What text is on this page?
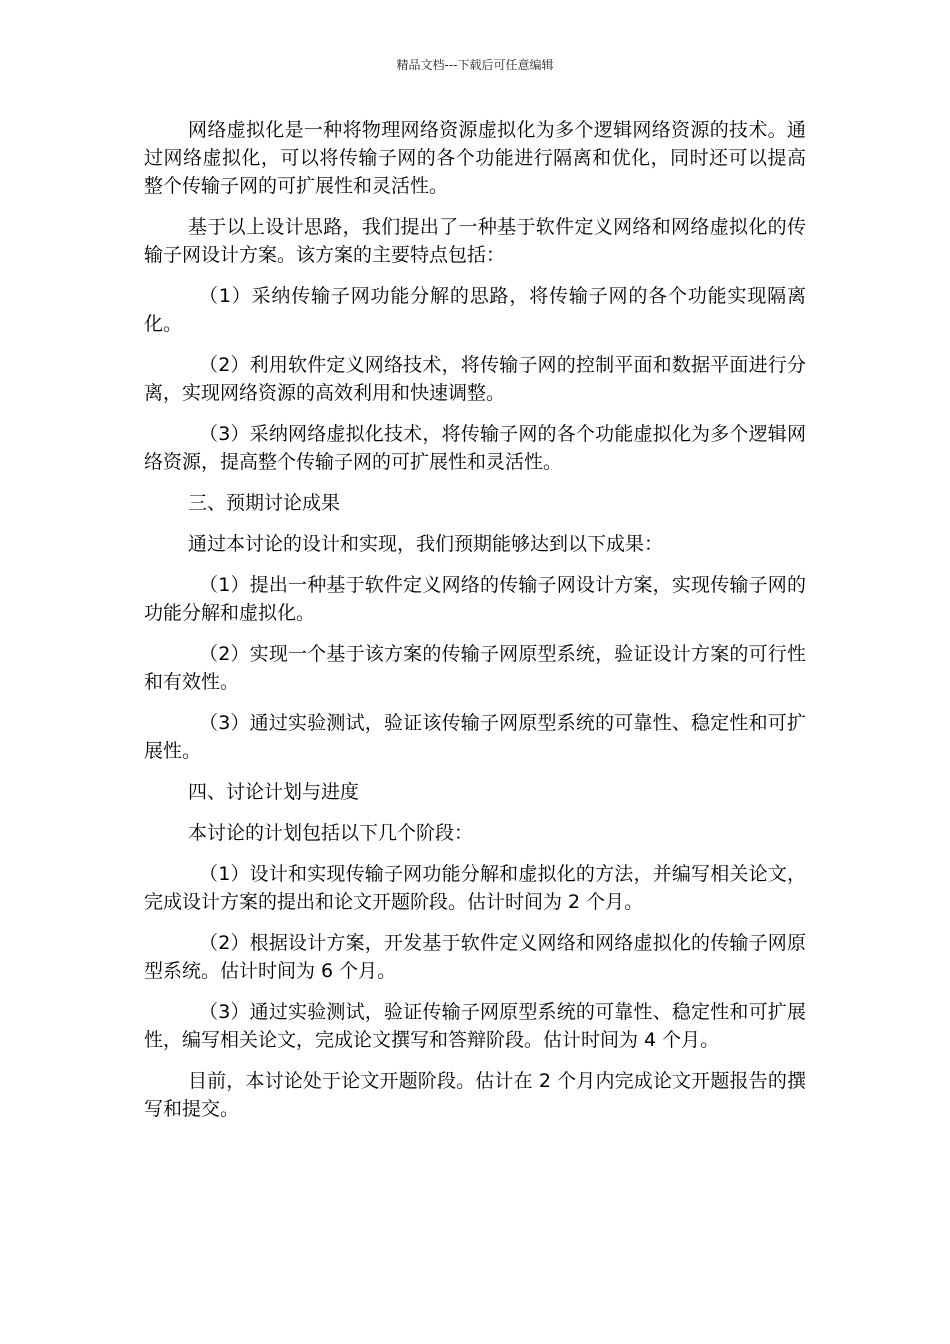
精品文档---下载后可任意编辑

网络虚拟化是一种将物理网络资源虚拟化为多个逻辑网络资源的技术。通过网络虚拟化，可以将传输子网的各个功能进行隔离和优化，同时还可以提高整个传输子网的可扩展性和灵活性。

基于以上设计思路，我们提出了一种基于软件定义网络和网络虚拟化的传输子网设计方案。该方案的主要特点包括：

（1）采纳传输子网功能分解的思路，将传输子网的各个功能实现隔离化。

（2）利用软件定义网络技术，将传输子网的控制平面和数据平面进行分离，实现网络资源的高效利用和快速调整。

（3）采纳网络虚拟化技术，将传输子网的各个功能虚拟化为多个逻辑网络资源，提高整个传输子网的可扩展性和灵活性。

三、预期讨论成果

通过本讨论的设计和实现，我们预期能够达到以下成果：

（1）提出一种基于软件定义网络的传输子网设计方案，实现传输子网的功能分解和虚拟化。

（2）实现一个基于该方案的传输子网原型系统，验证设计方案的可行性和有效性。

（3）通过实验测试，验证该传输子网原型系统的可靠性、稳定性和可扩展性。

四、讨论计划与进度

本讨论的计划包括以下几个阶段：

（1）设计和实现传输子网功能分解和虚拟化的方法，并编写相关论文，完成设计方案的提出和论文开题阶段。估计时间为 2 个月。

（2）根据设计方案，开发基于软件定义网络和网络虚拟化的传输子网原型系统。估计时间为 6 个月。

（3）通过实验测试，验证传输子网原型系统的可靠性、稳定性和可扩展性，编写相关论文，完成论文撰写和答辩阶段。估计时间为 4 个月。

目前，本讨论处于论文开题阶段。估计在 2 个月内完成论文开题报告的撰写和提交。
